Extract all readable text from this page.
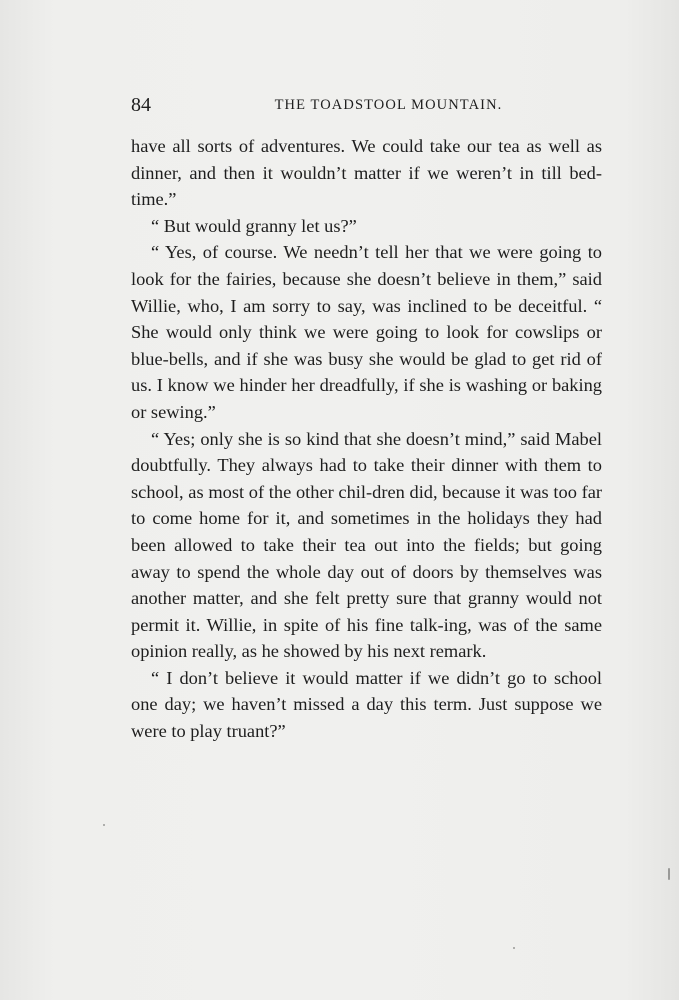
84	THE TOADSTOOL MOUNTAIN.

have all sorts of adventures. We could take our tea as well as dinner, and then it wouldn’t matter if we weren’t in till bed-time.”

“ But would granny let us?”

“ Yes, of course. We needn’t tell her that we were going to look for the fairies, because she doesn’t believe in them,” said Willie, who, I am sorry to say, was inclined to be deceitful. “ She would only think we were going to look for cowslips or blue-bells, and if she was busy she would be glad to get rid of us. I know we hinder her dreadfully, if she is washing or baking or sewing.”

“ Yes; only she is so kind that she doesn’t mind,” said Mabel doubtfully. They always had to take their dinner with them to school, as most of the other chil-dren did, because it was too far to come home for it, and sometimes in the holidays they had been allowed to take their tea out into the fields; but going away to spend the whole day out of doors by themselves was another matter, and she felt pretty sure that granny would not permit it. Willie, in spite of his fine talk-ing, was of the same opinion really, as he showed by his next remark.

“ I don’t believe it would matter if we didn’t go to school one day; we haven’t missed a day this term. Just suppose we were to play truant?”
